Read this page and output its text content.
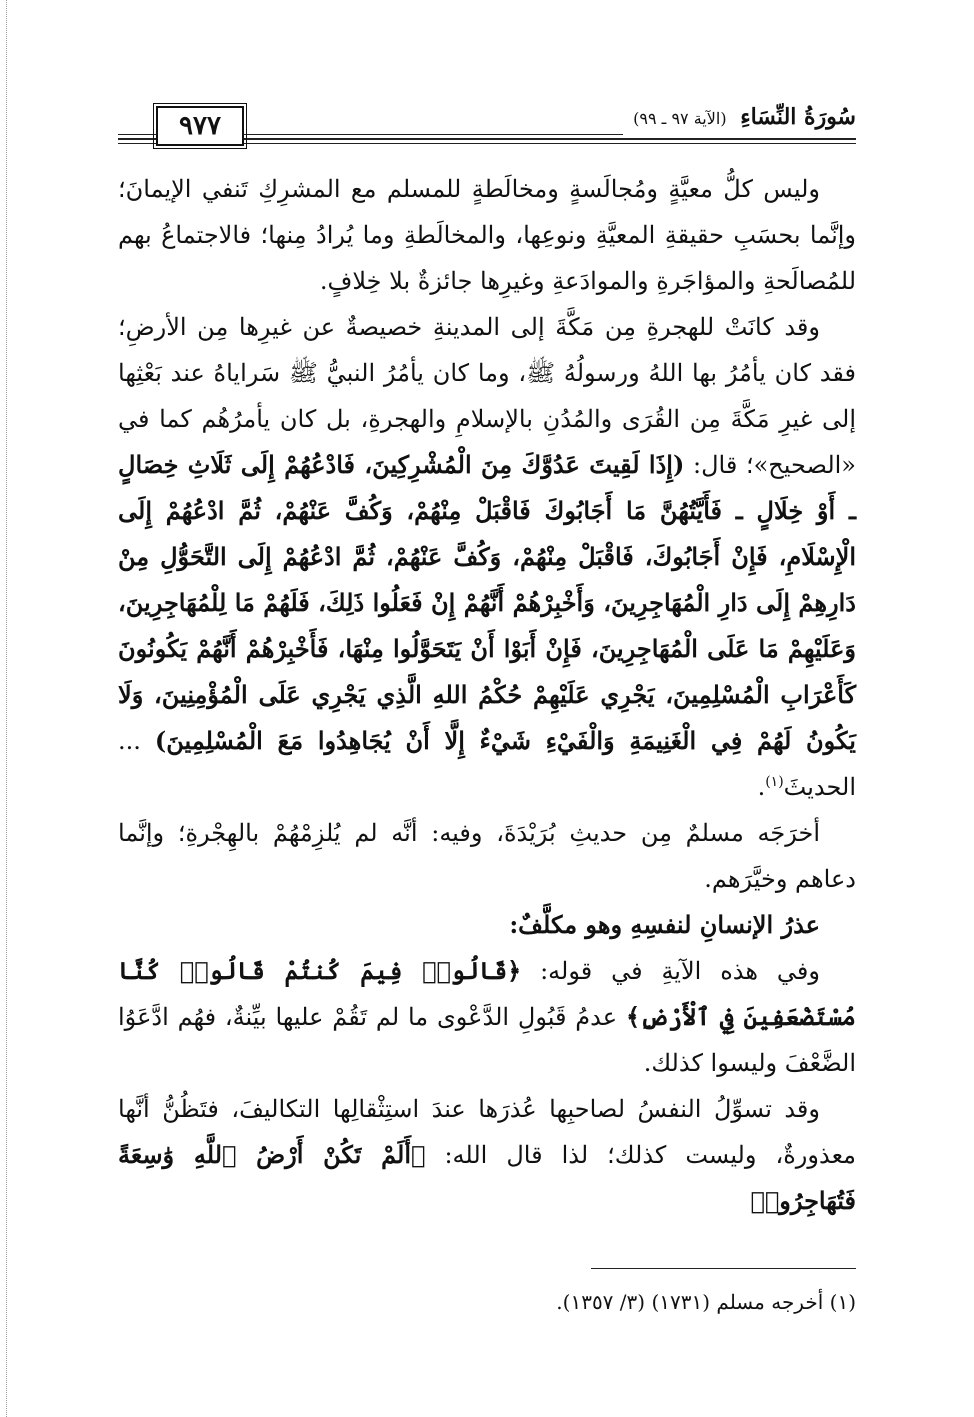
سُورَةُ النِّسَاءِ (الآية ٩٧ ـ ٩٩)
٩٧٧

وليس كلُّ معيَّةٍ ومُجالَسةٍ ومخالَطةٍ للمسلم مع المشرِكِ تَنفي الإيمانَ؛ وإنَّما بحسَبِ حقيقةِ المعيَّةِ ونوعِها، والمخالَطةِ وما يُرادُ مِنها؛ فالاجتماعُ بهم للمُصالَحةِ والمؤاجَرةِ والموادَعةِ وغيرِها جائزةٌ بلا خِلافٍ.

وقد كانَتْ للهجرةِ مِن مَكَّةَ إلى المدينةِ خصيصةٌ عن غيرِها مِن الأرضِ؛ فقد كان يأمُرُ بها اللهُ ورسولُهُ ﷺ، وما كان يأمُرُ النبيُّ ﷺ سَراياهُ عند بَعْثِها إلى غيرِ مَكَّةَ مِن القُرَى والمُدُنِ بالإسلامِ والهجرةِ، بل كان يأمرُهُم كما في «الصحيح»؛ قال: (إِذَا لَقِيتَ عَدُوَّكَ مِنَ الْمُشْرِكِينَ، فَادْعُهُمْ إِلَى ثَلَاثِ خِصَالٍ ـ أَوْ خِلَالٍ ـ فَأَيَّتُهُنَّ مَا أَجَابُوكَ فَاقْبَلْ مِنْهُمْ، وَكُفَّ عَنْهُمْ، ثُمَّ ادْعُهُمْ إِلَى الْإِسْلَامِ، فَإِنْ أَجَابُوكَ، فَاقْبَلْ مِنْهُمْ، وَكُفَّ عَنْهُمْ، ثُمَّ ادْعُهُمْ إِلَى التَّحَوُّلِ مِنْ دَارِهِمْ إِلَى دَارِ الْمُهَاجِرِينَ، وَأَخْبِرْهُمْ أَنَّهُمْ إِنْ فَعَلُوا ذَلِكَ، فَلَهُمْ مَا لِلْمُهَاجِرِينَ، وَعَلَيْهِمْ مَا عَلَى الْمُهَاجِرِينَ، فَإِنْ أَبَوْا أَنْ يَتَحَوَّلُوا مِنْهَا، فَأَخْبِرْهُمْ أَنَّهُمْ يَكُونُونَ كَأَعْرَابِ الْمُسْلِمِينَ، يَجْرِي عَلَيْهِمْ حُكْمُ اللهِ الَّذِي يَجْرِي عَلَى الْمُؤْمِنِينَ، وَلَا يَكُونُ لَهُمْ فِي الْغَنِيمَةِ وَالْفَيْءِ شَيْءٌ إِلَّا أَنْ يُجَاهِدُوا مَعَ الْمُسْلِمِينَ) ... الحديثَ$^{(١)}$.

أخرَجَه مسلمٌ مِن حديثِ بُرَيْدَةَ، وفيه: أنَّه لم يُلزِمْهُمْ بالهِجْرةِ؛ وإنَّما دعاهم وخيَّرَهم.

عذرُ الإنسانِ لنفسِهِ وهو مكلَّفٌ:

وفي هذه الآيةِ في قوله: ﴿قَالُوا۟ فِيمَ كُنتُمْ قَالُوا۟ كُنَّا مُسْتَضْعَفِينَ فِي ٱلْأَرْضِ﴾ عدمُ قَبُولِ الدَّعْوى ما لم تَقُمْ عليها بيِّنةٌ، فهُم ادَّعَوُا الضَّعْفَ وليسوا كذلك.

وقد تسوِّلُ النفسُ لصاحبِها عُذرَها عندَ استِثْقالِها التكاليفَ، فتَظُنُّ أنَّها معذورةٌ، وليست كذلك؛ لذا قال الله: ﴿أَلَمْ تَكُنْ أَرْضُ ٱللَّهِ وَٰسِعَةً فَتُهَاجِرُوا۟

(١) أخرجه مسلم (١٧٣١) (٣/ ١٣٥٧).
